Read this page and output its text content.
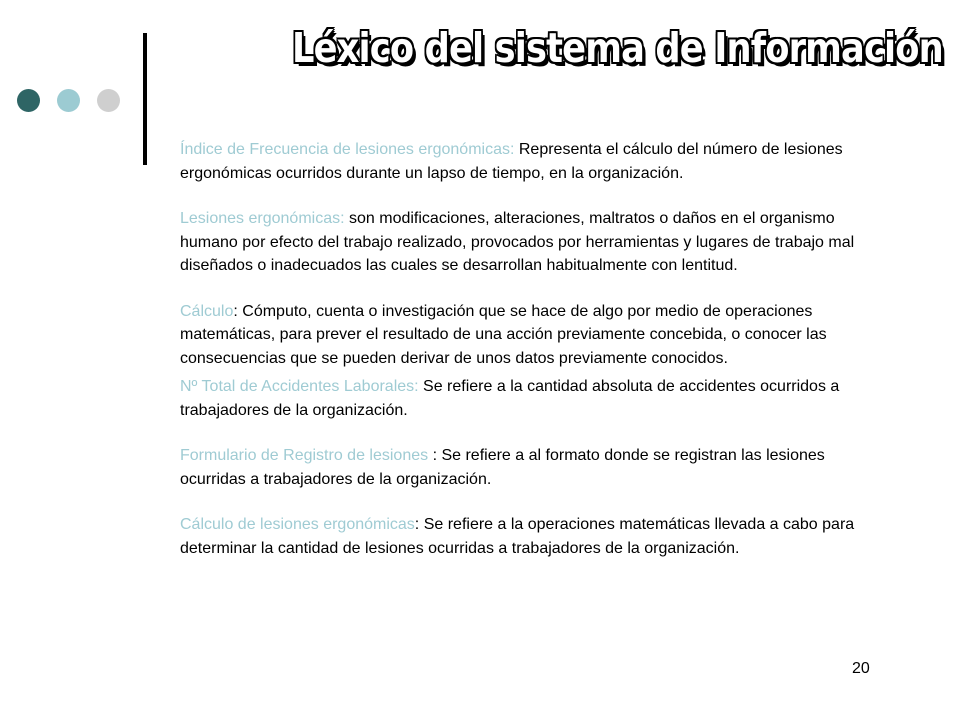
Léxico del sistema de Información

Índice de Frecuencia de lesiones ergonómicas: Representa el cálculo del número de lesiones ergonómicas ocurridos durante un lapso de tiempo, en la organización.

Lesiones ergonómicas: son modificaciones, alteraciones, maltratos o daños en el organismo humano por efecto del trabajo realizado, provocados por herramientas y lugares de trabajo mal diseñados o inadecuados las cuales se desarrollan habitualmente con lentitud.

Cálculo: Cómputo, cuenta o investigación que se hace de algo por medio de operaciones matemáticas, para prever el resultado de una acción previamente concebida, o conocer las consecuencias que se pueden derivar de unos datos previamente conocidos.

Nº Total de Accidentes Laborales: Se refiere a la cantidad absoluta de accidentes ocurridos a trabajadores de la organización.

Formulario de Registro de lesiones : Se refiere a al formato donde se registran las lesiones ocurridas a trabajadores de la organización.

Cálculo de lesiones ergonómicas: Se refiere a la operaciones matemáticas llevada a cabo para determinar la cantidad de lesiones ocurridas a trabajadores de la organización.

20
